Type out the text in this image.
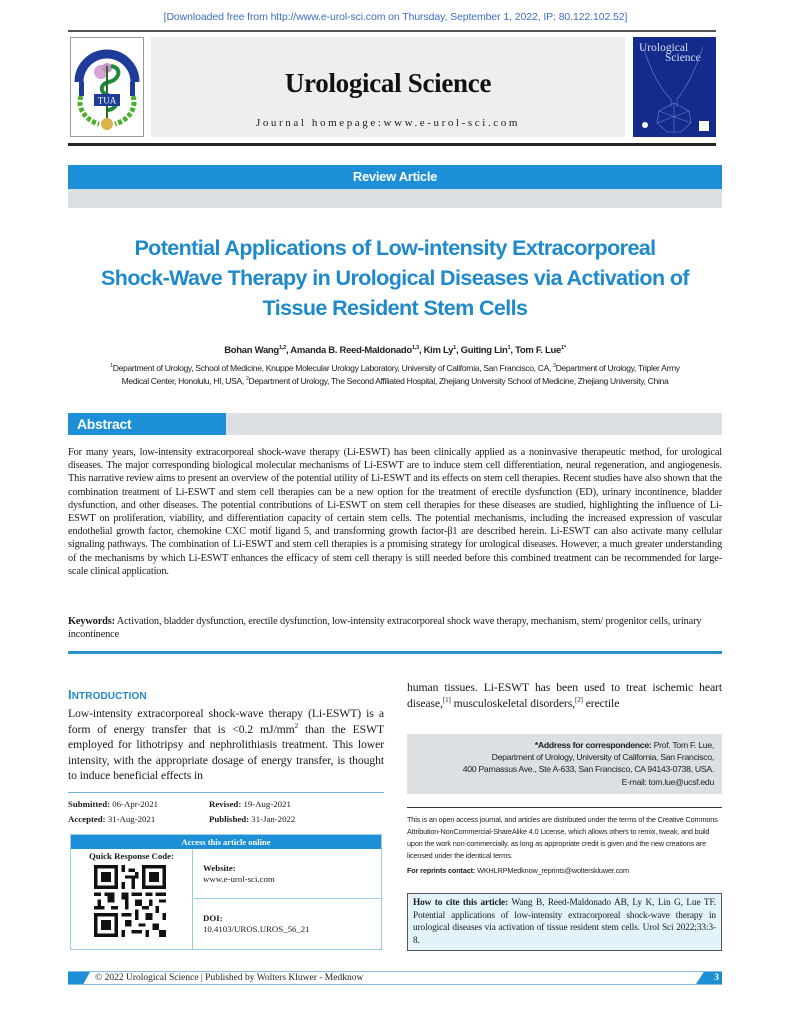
[Downloaded free from http://www.e-urol-sci.com on Thursday, September 1, 2022, IP: 80.122.102.52]
TUA
Urological Science
Journal homepage:www.e-urol-sci.com
Urological
Science
Review Article
Potential Applications of Low-intensity Extracorporeal
Shock-Wave Therapy in Urological Diseases via Activation of
Tissue Resident Stem Cells
Bohan Wang$^{1,2}$, Amanda B. Reed-Maldonado$^{1,3}$, Kim Ly$^1$, Guiting Lin$^1$, Tom F. Lue$^{1*}$
$^1$Department of Urology, School of Medicine, Knuppe Molecular Urology Laboratory, University of California, San Francisco, CA, $^3$Department of Urology, Tripler Army
Medical Center, Honolulu, HI, USA, $^2$Department of Urology, The Second Affiliated Hospital, Zhejiang University School of Medicine, Zhejiang University, China
Abstract

For many years, low-intensity extracorporeal shock-wave therapy (Li-ESWT) has been clinically applied as a noninvasive therapeutic method, for urological diseases. The major corresponding biological molecular mechanisms of Li-ESWT are to induce stem cell differentiation, neural regeneration, and angiogenesis. This narrative review aims to present an overview of the potential utility of Li-ESWT and its effects on stem cell therapies. Recent studies have also shown that the combination treatment of Li-ESWT and stem cell therapies can be a new option for the treatment of erectile dysfunction (ED), urinary incontinence, bladder dysfunction, and other diseases. The potential contributions of Li-ESWT on stem cell therapies for these diseases are studied, highlighting the influence of Li-ESWT on proliferation, viability, and differentiation capacity of certain stem cells. The potential mechanisms, including the increased expression of vascular endothelial growth factor, chemokine CXC motif ligand 5, and transforming growth factor-β1 are described herein. Li-ESWT can also activate many cellular signaling pathways. The combination of Li-ESWT and stem cell therapies is a promising strategy for urological diseases. However, a much greater understanding of the mechanisms by which Li-ESWT enhances the efficacy of stem cell therapy is still needed before this combined treatment can be recommended for large-scale clinical application.

Keywords: Activation, bladder dysfunction, erectile dysfunction, low-intensity extracorporeal shock wave therapy, mechanism, stem/ progenitor cells, urinary incontinence

INTRODUCTION

Low-intensity extracorporeal shock-wave therapy (Li-ESWT) is a form of energy transfer that is <0.2 $mJ/mm^2$ than the ESWT employed for lithotripsy and nephrolithiasis treatment. This lower intensity, with the appropriate dosage of energy transfer, is thought to induce beneficial effects in

human tissues. Li-ESWT has been used to treat ischemic heart disease,[1] musculoskeletal disorders,[2] erectile

*Address for correspondence: Prof. Tom F. Lue,
Department of Urology, University of California, San Francisco,
400 Parnassus Ave., Ste A-633, San Francisco, CA 94143-0738, USA.
E-mail: tom.lue@ucsf.edu
Submitted: 06-Apr-2021
Accepted: 31-Aug-2021
Revised: 19-Aug-2021
Published: 31-Jan-2022
Access this article online
Quick Response Code:
Website:
www.e-urol-sci.com
DOI:
10.4103/UROS.UROS_56_21

This is an open access journal, and articles are distributed under the terms of the Creative Commons Attribution-NonCommercial-ShareAlike 4.0 License, which allows others to remix, tweak, and build upon the work non-commercially, as long as appropriate credit is given and the new creations are licensed under the identical terms.

For reprints contact: WKHLRPMedknow_reprints@wolterskluwer.com

How to cite this article: Wang B, Reed-Maldonado AB, Ly K, Lin G, Lue TF. Potential applications of low-intensity extracorporeal shock-wave therapy in urological diseases via activation of tissue resident stem cells. Urol Sci 2022;33:3-8.
© 2022 Urological Science | Published by Wolters Kluwer - Medknow	3
